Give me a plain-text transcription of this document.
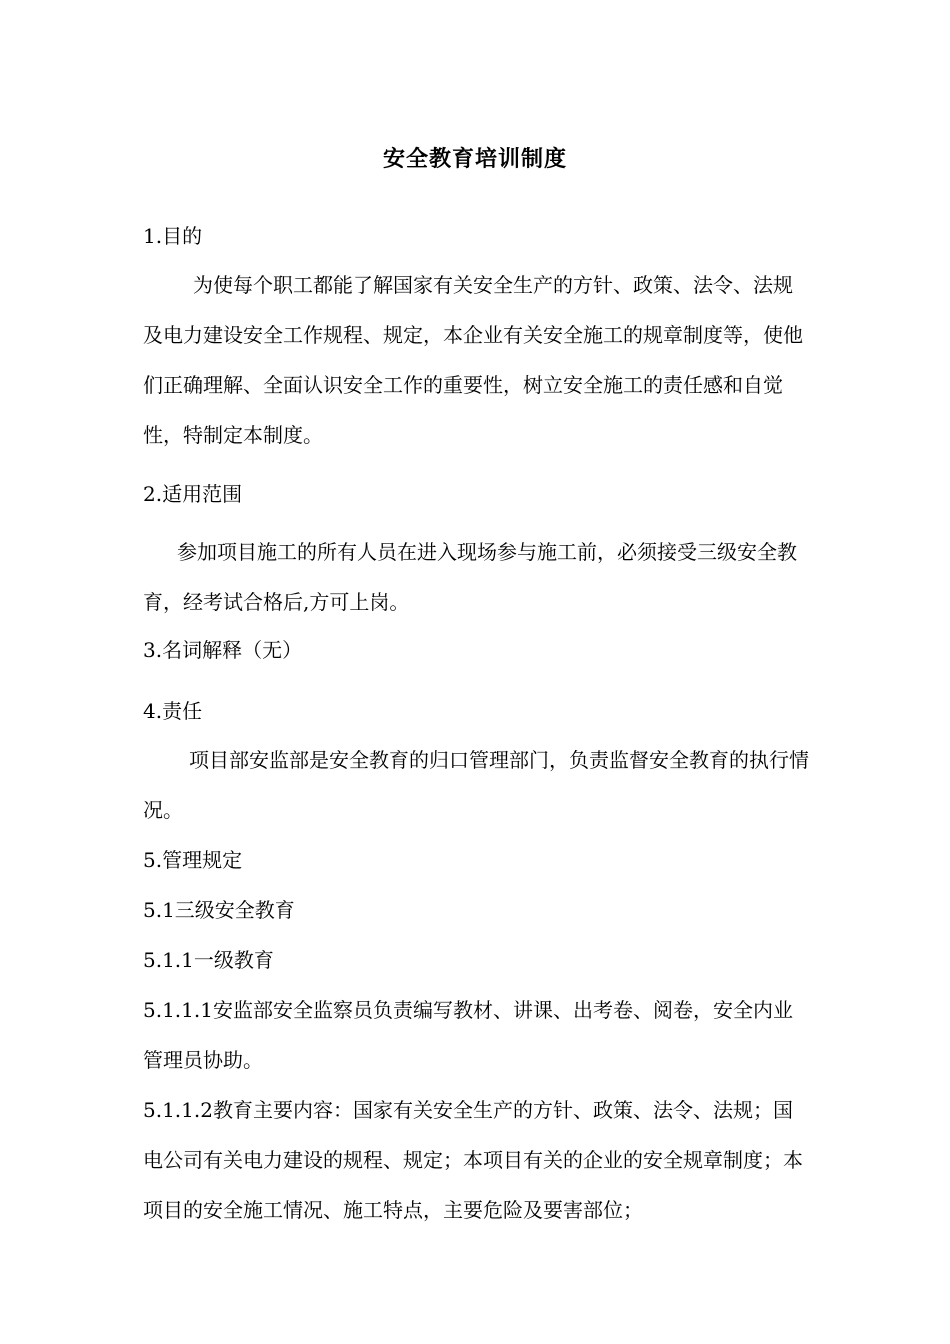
安全教育培训制度
1.目的

为使每个职工都能了解国家有关安全生产的方针、政策、法令、法规及电力建设安全工作规程、规定，本企业有关安全施工的规章制度等，使他们正确理解、全面认识安全工作的重要性，树立安全施工的责任感和自觉性，特制定本制度。

2.适用范围

参加项目施工的所有人员在进入现场参与施工前，必须接受三级安全教育，经考试合格后,方可上岗。

3.名词解释（无）
4.责任

项目部安监部是安全教育的归口管理部门，负责监督安全教育的执行情况。

5.管理规定
5.1三级安全教育
5.1.1一级教育

5.1.1.1安监部安全监察员负责编写教材、讲课、出考卷、阅卷，安全内业管理员协助。

5.1.1.2教育主要内容：国家有关安全生产的方针、政策、法令、法规；国电公司有关电力建设的规程、规定；本项目有关的企业的安全规章制度；本项目的安全施工情况、施工特点，主要危险及要害部位；
